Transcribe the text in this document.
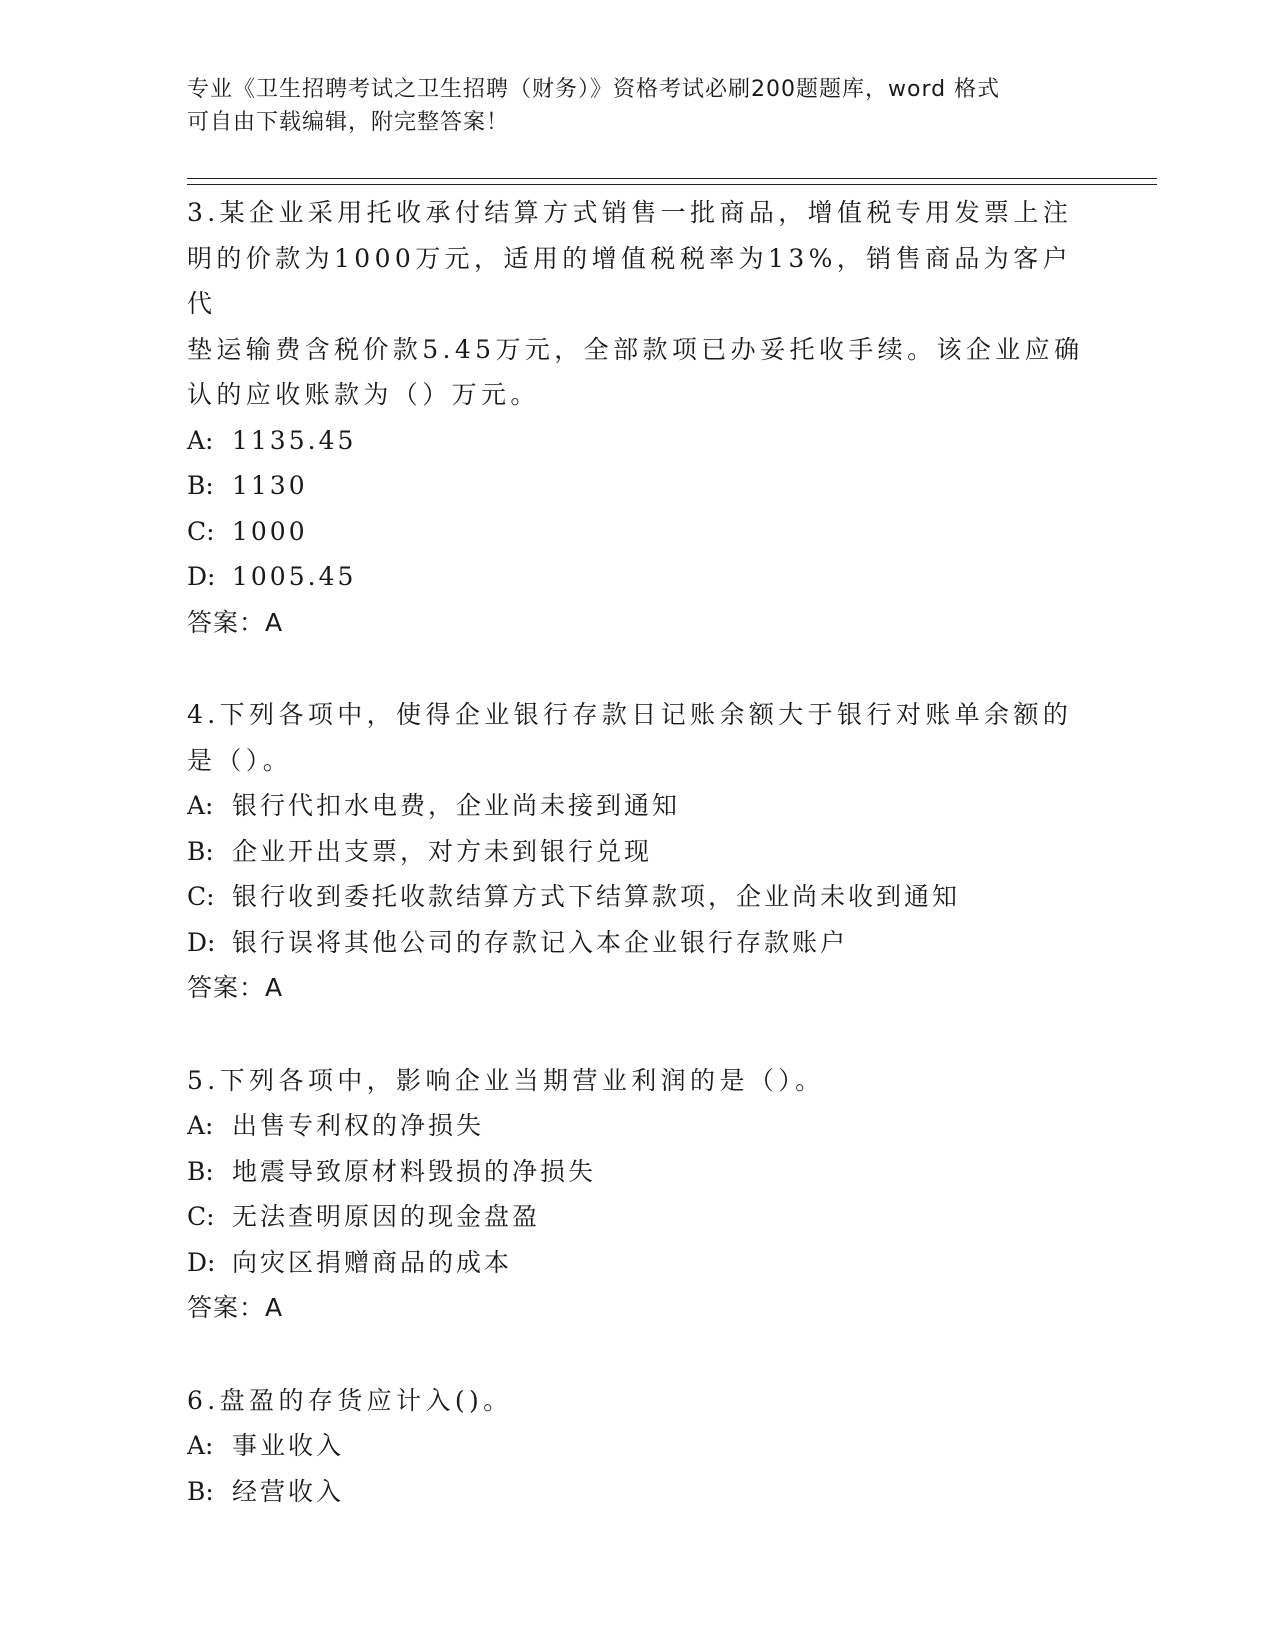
专业《卫生招聘考试之卫生招聘（财务）》资格考试必刷200题题库，word 格式
可自由下载编辑，附完整答案！

3.某企业采用托收承付结算方式销售一批商品，增值税专用发票上注

明的价款为1000万元，适用的增值税税率为13%，销售商品为客户代

垫运输费含税价款5.45万元，全部款项已办妥托收手续。该企业应确

认的应收账款为（）万元。

A: 1135.45

B: 1130

C: 1000

D: 1005.45

答案：A

4.下列各项中，使得企业银行存款日记账余额大于银行对账单余额的

是（）。

A: 银行代扣水电费，企业尚未接到通知

B: 企业开出支票，对方未到银行兑现

C: 银行收到委托收款结算方式下结算款项，企业尚未收到通知

D: 银行误将其他公司的存款记入本企业银行存款账户

答案：A

5.下列各项中，影响企业当期营业利润的是（）。

A: 出售专利权的净损失

B: 地震导致原材料毁损的净损失

C: 无法查明原因的现金盘盈

D: 向灾区捐赠商品的成本

答案：A

6.盘盈的存货应计入()。

A: 事业收入

B: 经营收入
